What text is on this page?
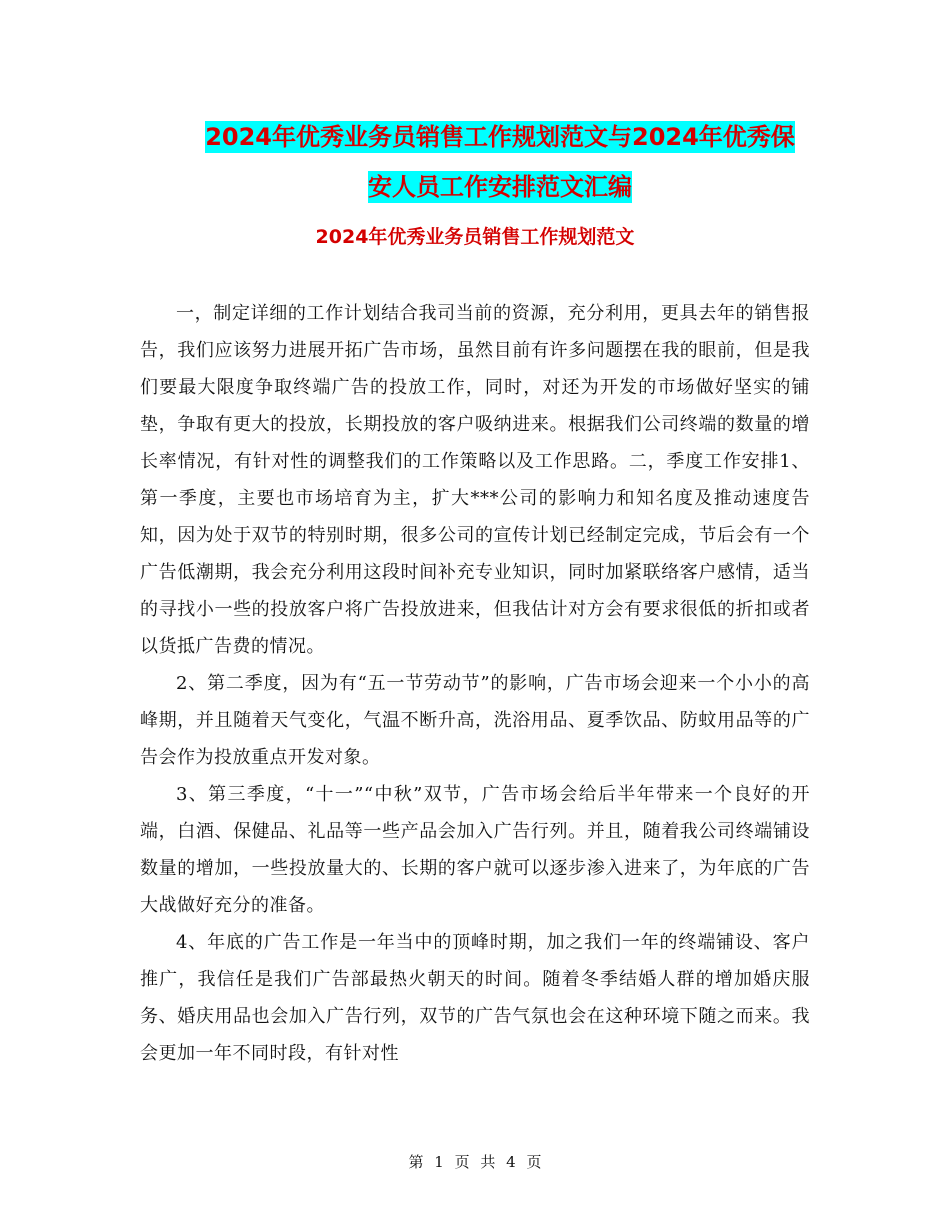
2024年优秀业务员销售工作规划范文与2024年优秀保
安人员工作安排范文汇编
2024年优秀业务员销售工作规划范文

一，制定详细的工作计划结合我司当前的资源，充分利用，更具去年的销售报告，我们应该努力进展开拓广告市场，虽然目前有许多问题摆在我的眼前，但是我们要最大限度争取终端广告的投放工作，同时，对还为开发的市场做好坚实的铺垫，争取有更大的投放，长期投放的客户吸纳进来。根据我们公司终端的数量的增长率情况，有针对性的调整我们的工作策略以及工作思路。二，季度工作安排1、第一季度，主要也市场培育为主，扩大***公司的影响力和知名度及推动速度告知，因为处于双节的特别时期，很多公司的宣传计划已经制定完成，节后会有一个广告低潮期，我会充分利用这段时间补充专业知识，同时加紧联络客户感情，适当的寻找小一些的投放客户将广告投放进来，但我估计对方会有要求很低的折扣或者以货抵广告费的情况。

2、第二季度，因为有“五一节劳动节”的影响，广告市场会迎来一个小小的高峰期，并且随着天气变化，气温不断升高，洗浴用品、夏季饮品、防蚊用品等的广告会作为投放重点开发对象。

3、第三季度，“十一”“中秋”双节，广告市场会给后半年带来一个良好的开端，白酒、保健品、礼品等一些产品会加入广告行列。并且，随着我公司终端铺设数量的增加，一些投放量大的、长期的客户就可以逐步渗入进来了，为年底的广告大战做好充分的准备。

4、年底的广告工作是一年当中的顶峰时期，加之我们一年的终端铺设、客户推广，我信任是我们广告部最热火朝天的时间。随着冬季结婚人群的增加婚庆服务、婚庆用品也会加入广告行列，双节的广告气氛也会在这种环境下随之而来。我会更加一年不同时段，有针对性

第 1 页 共 4 页
